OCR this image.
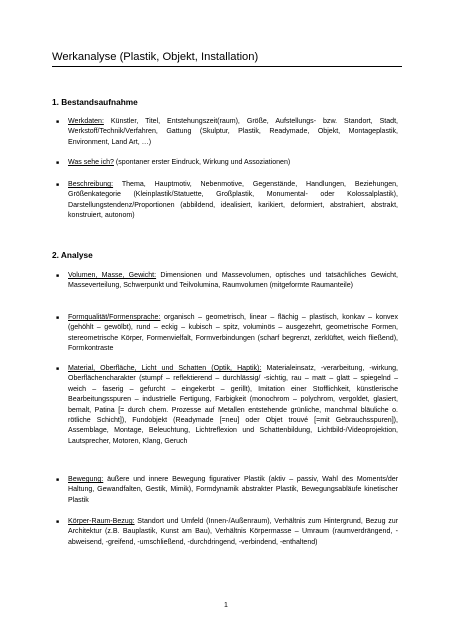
Werkanalyse (Plastik, Objekt, Installation)
1. Bestandsaufnahme
■ Werkdaten: Künstler, Titel, Entstehungszeit(raum), Größe, Aufstellungs- bzw. Standort, Stadt, Werkstoff/Technik/Verfahren, Gattung (Skulptur, Plastik, Readymade, Objekt, Montageplastik, Environment, Land Art, …)
■ Was sehe ich? (spontaner erster Eindruck, Wirkung und Assoziationen)
■ Beschreibung: Thema, Hauptmotiv, Nebenmotive, Gegenstände, Handlungen, Beziehungen, Größenkategorie (Kleinplastik/Statuette, Großplastik, Monumental- oder Kolossalplastik), Darstellungstendenz/Proportionen (abbildend, idealisiert, karikiert, deformiert, abstrahiert, abstrakt, konstruiert, autonom)
2. Analyse
■ Volumen, Masse, Gewicht: Dimensionen und Massevolumen, optisches und tatsächliches Gewicht, Masseverteilung, Schwerpunkt und Teilvolumina, Raumvolumen (mitgeformte Raumanteile)
■ Formqualität/Formensprache: organisch – geometrisch, linear – flächig – plastisch, konkav – konvex (gehöhlt – gewölbt), rund – eckig – kubisch – spitz, voluminös – ausgezehrt, geometrische Formen, stereometrische Körper, Formenvielfalt, Formverbindungen (scharf begrenzt, zerklüftet, weich fließend), Formkontraste
■ Material, Oberfläche, Licht und Schatten (Optik, Haptik): Materialeinsatz, -verarbeitung, -wirkung, Oberflächencharakter (stumpf – reflektierend – durchlässig/ -sichtig, rau – matt – glatt – spiegelnd – weich – faserig – gefurcht – eingekerbt – gerillt), Imitation einer Stofflichkeit, künstlerische Bearbeitungsspuren – industrielle Fertigung, Farbigkeit (monochrom – polychrom, vergoldet, glasiert, bemalt, Patina [= durch chem. Prozesse auf Metallen entstehende grünliche, manchmal bläuliche o. rötliche Schicht]), Fundobjekt (Readymade [=neu] oder Objet trouvé [=mit Gebrauchsspuren]), Assemblage, Montage, Beleuchtung, Lichtreflexion und Schattenbildung, Lichtbild-/Videoprojektion, Lautsprecher, Motoren, Klang, Geruch
■ Bewegung: äußere und innere Bewegung figurativer Plastik (aktiv – passiv, Wahl des Moments/der Haltung, Gewandfalten, Gestik, Mimik), Formdynamik abstrakter Plastik, Bewegungsabläufe kinetischer Plastik
■ Körper-Raum-Bezug: Standort und Umfeld (Innen-/Außenraum), Verhältnis zum Hintergrund, Bezug zur Architektur (z.B. Bauplastik, Kunst am Bau), Verhältnis Körpermasse – Umraum (raumverdrängend, -abweisend, -greifend, -umschließend, -durchdringend, -verbindend, -enthaltend)
1
